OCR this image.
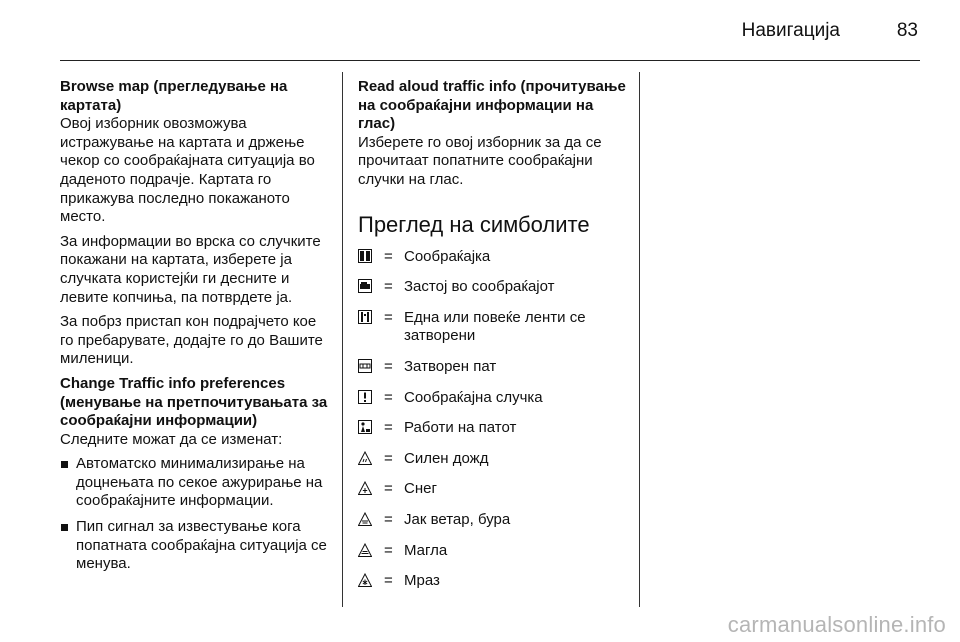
Навигација	83
Browse map (прегледување на картата)
Овој изборник овозможува истражување на картата и држење чекор со сообраќајната ситуација во даденото подрачје. Картата го прикажува последно покажаното место.

За информации во врска со случките покажани на картата, изберете ја случката користејќи ги десните и левите копчиња, па потврдете ја.

За побрз пристап кон подрајчето кое го пребарувате, додајте го до Вашите миленици.

Change Traffic info preferences (менување на претпочитувањата за сообраќајни информации)
Следните можат да се изменат:
Автоматско минимализирање на доцнењата по секое ажурирање на сообраќајните информации.
Пип сигнал за известување кога попатната сообраќајна ситуација се менува.
Read aloud traffic info (прочитување на сообраќајни информации на глас)
Изберете го овој изборник за да се прочитаат попатните сообраќајни случки на глас.
Преглед на симболите
= Сообраќајка
= Застој во сообраќајот
= Една или повеќе ленти се затворени
= Затворен пат
= Сообраќајна случка
= Работи на патот
= Силен дожд
= Снег
= Јак ветар, бура
= Магла
= Мраз
carmanualsonline.info
